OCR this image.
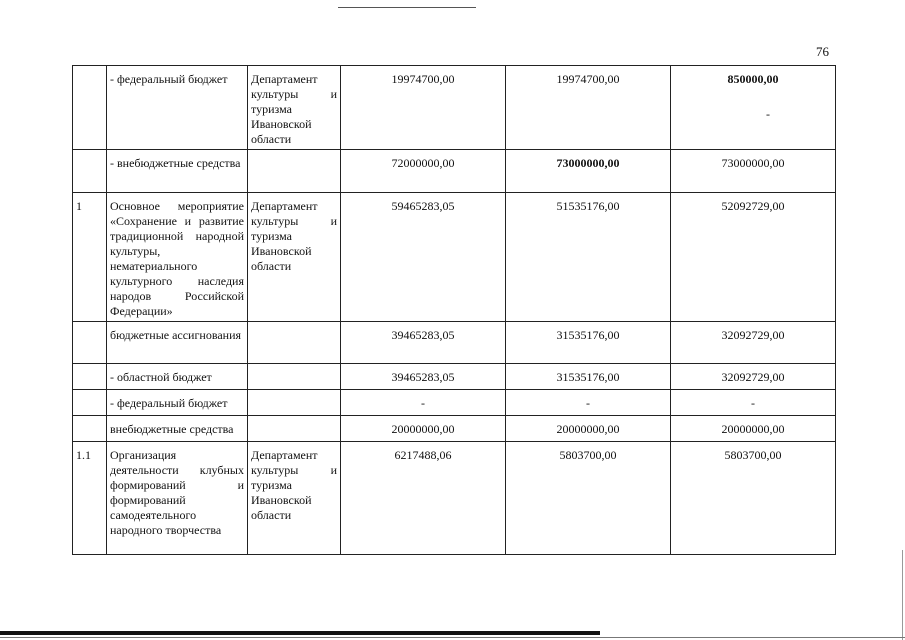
76
	- федеральный бюджет	Департамент культуры и туризма Ивановской области	19974700,00	19974700,00	850000,00
-

	- внебюджетные средства		72000000,00	73000000,00	73000000,00
1	Основное мероприятие «Сохранение и развитие традиционной народной культуры, нематериального культурного наследия народов Российской Федерации»	Департамент культуры и туризма Ивановской области	59465283,05	51535176,00	52092729,00
	бюджетные ассигнования		39465283,05	31535176,00	32092729,00
	- областной бюджет		39465283,05	31535176,00	32092729,00
	- федеральный бюджет		-	-	-
	внебюджетные средства		20000000,00	20000000,00	20000000,00
1.1	Организация деятельности клубных формирований и формирований самодеятельного народного творчества	Департамент культуры и туризма Ивановской области	6217488,06	5803700,00	5803700,00
